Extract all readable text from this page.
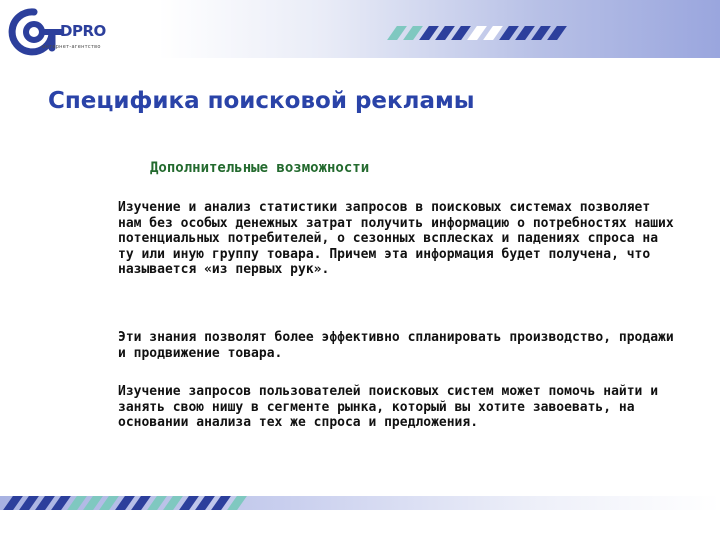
DPRO
интернет-агентство
Специфика поисковой рекламы
Дополнительные возможности

Изучение и анализ статистики запросов в поисковых системах позволяет нам без особых денежных затрат получить информацию о потребностях наших потенциальных потребителей, о сезонных всплесках и падениях спроса на ту или иную группу товара. Причем эта информация будет получена, что называется «из первых рук».

Эти знания позволят более эффективно спланировать производство, продажи и продвижение товара.

Изучение запросов пользователей поисковых систем может помочь найти и занять свою нишу в сегменте рынка, который вы хотите завоевать, на основании анализа тех же спроса и предложения.
